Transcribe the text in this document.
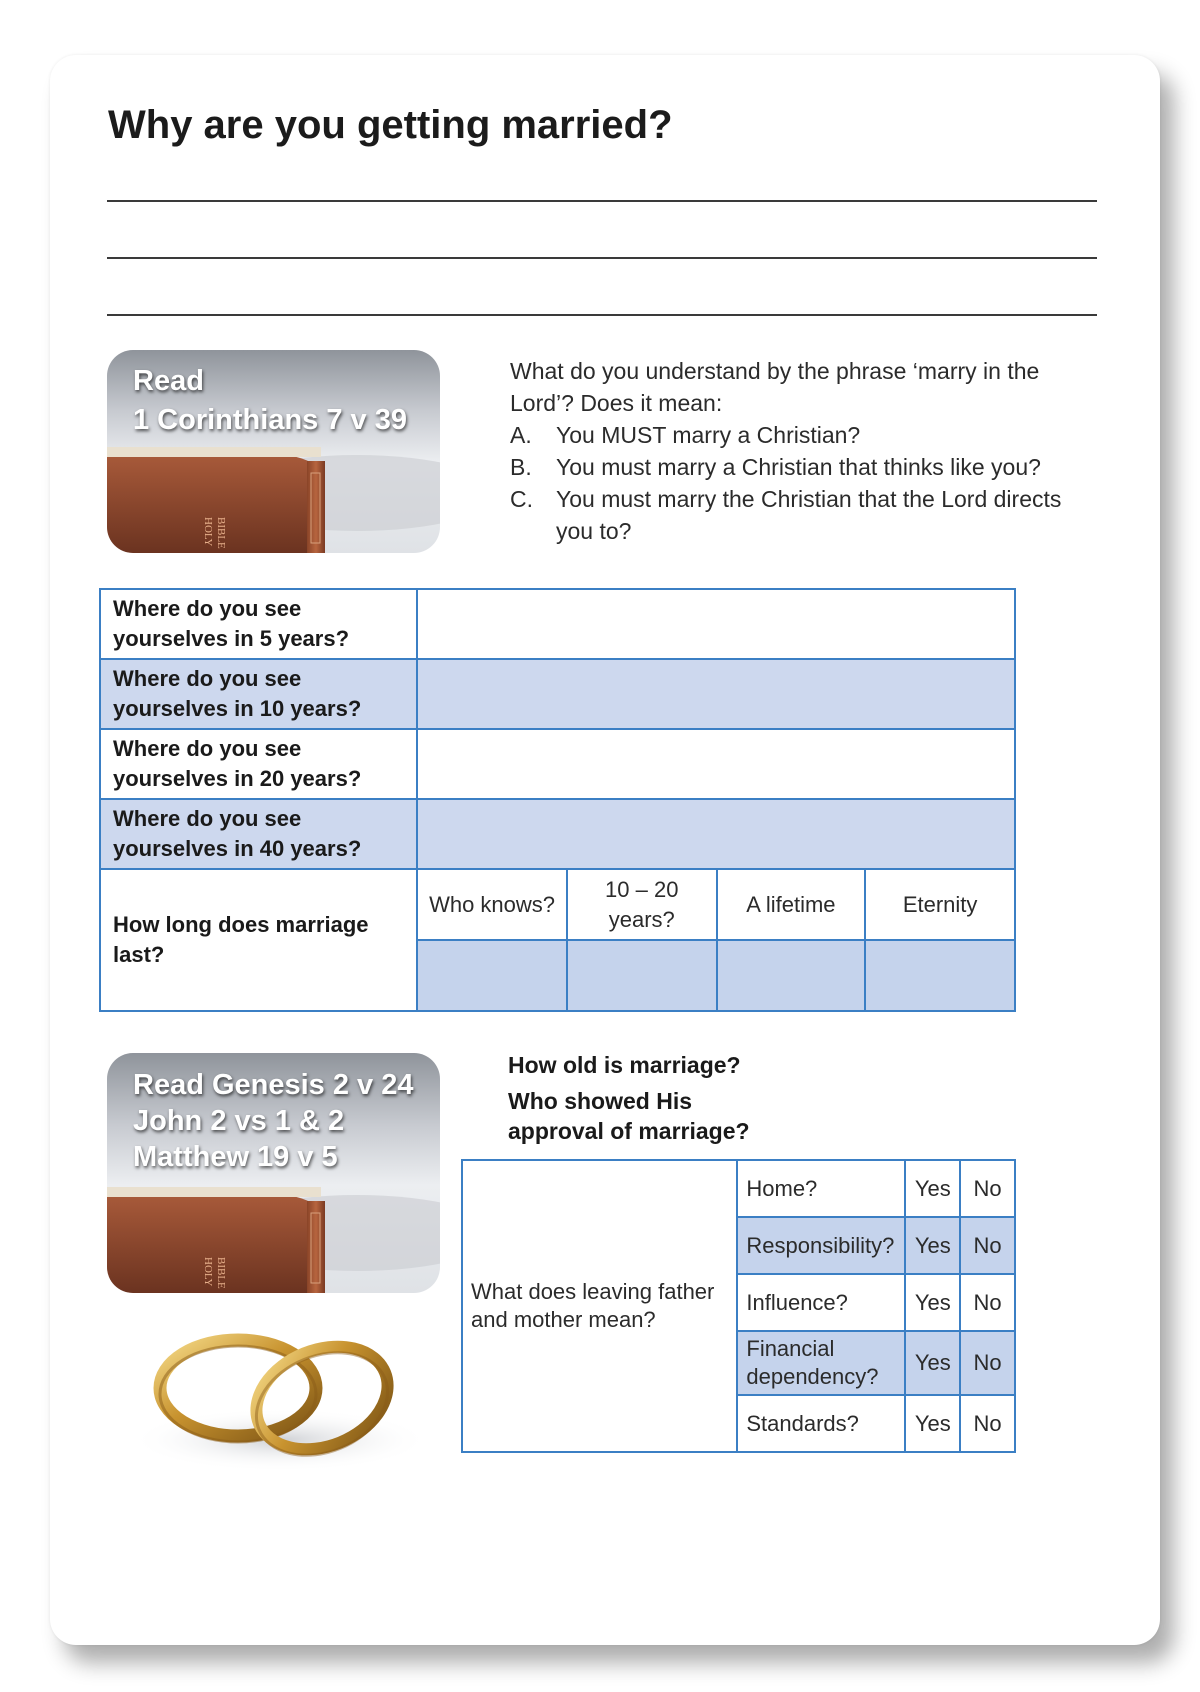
Why are you getting married?
HOLY BIBLE
Read
1 Corinthians 7 v 39
What do you understand by the phrase ‘marry in the Lord’? Does it mean:
A.	You MUST marry a Christian?
B.	You must marry a Christian that thinks like you?
C.	You must marry the Christian that the Lord directs you to?
Where do you see yourselves in 5 years?				
Where do you see yourselves in 10 years?				
Where do you see yourselves in 20 years?				
Where do you see yourselves in 40 years?				
How long does marriage last?	Who knows?	10 – 20 years?	A lifetime	Eternity

HOLY BIBLE
Read Genesis 2 v 24
John 2 vs 1 & 2
Matthew 19 v 5
How old is marriage?
Who showed His approval of marriage?
What does leaving father and mother mean?	Home?	Yes	No
	Responsibility?	Yes	No
	Influence?	Yes	No
	Financial dependency?	Yes	No
	Standards?	Yes	No
